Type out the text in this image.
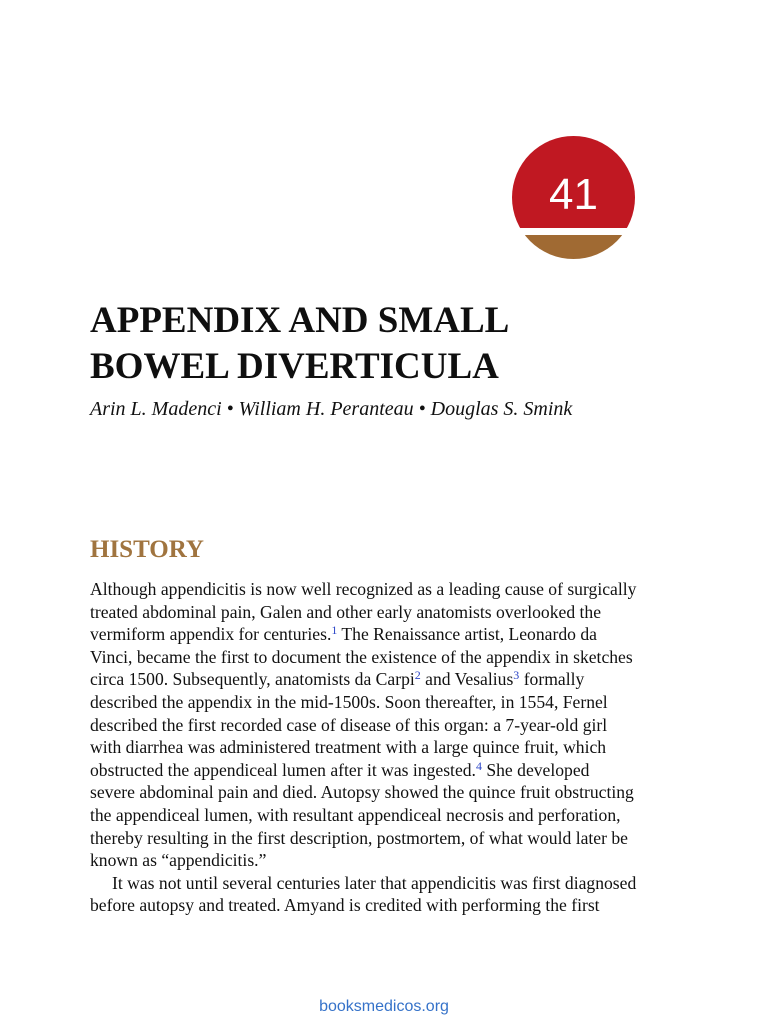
41
APPENDIX AND SMALL
BOWEL DIVERTICULA

Arin L. Madenci • William H. Peranteau • Douglas S. Smink

HISTORY
Although appendicitis is now well recognized as a leading cause of surgically
treated abdominal pain, Galen and other early anatomists overlooked the
vermiform appendix for centuries.$^1$ The Renaissance artist, Leonardo da
Vinci, became the first to document the existence of the appendix in sketches
circa 1500. Subsequently, anatomists da Carpi$^2$ and Vesalius$^3$ formally
described the appendix in the mid-1500s. Soon thereafter, in 1554, Fernel
described the first recorded case of disease of this organ: a 7-year-old girl
with diarrhea was administered treatment with a large quince fruit, which
obstructed the appendiceal lumen after it was ingested.$^4$ She developed
severe abdominal pain and died. Autopsy showed the quince fruit obstructing
the appendiceal lumen, with resultant appendiceal necrosis and perforation,
thereby resulting in the first description, postmortem, of what would later be
known as “appendicitis.”
It was not until several centuries later that appendicitis was first diagnosed
before autopsy and treated. Amyand is credited with performing the first
booksmedicos.org
